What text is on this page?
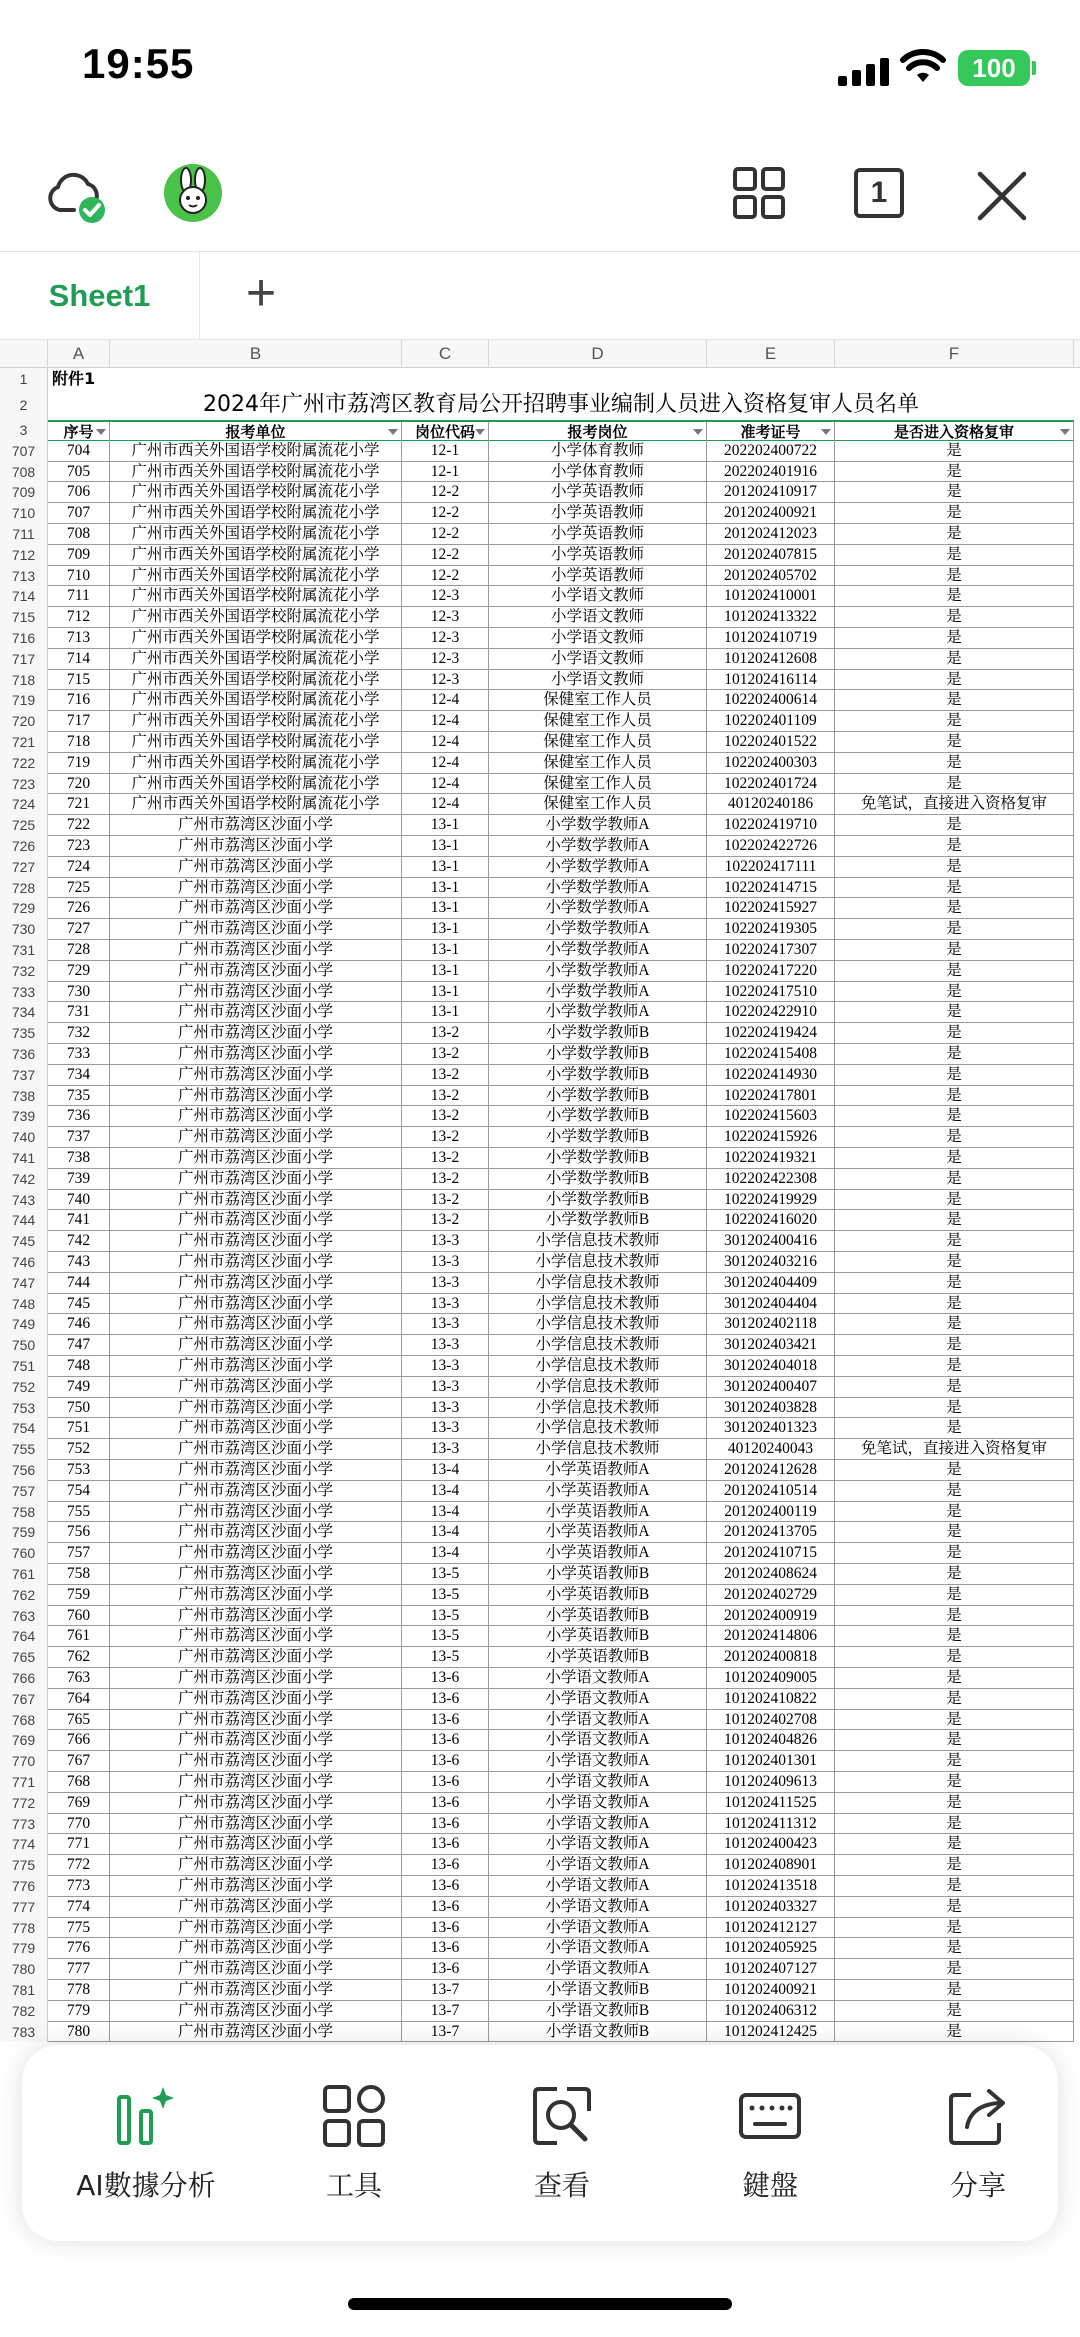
19:55	100
1
Sheet1	+
A	B	C	D	E	F
1
2
3
附件1
2024年广州市荔湾区教育局公开招聘事业编制人员进入资格复审人员名单
序号	报考单位	岗位代码	报考岗位	准考证号	是否进入资格复审
704	广州市西关外国语学校附属流花小学	12-1	小学体育教师	202202400722	是
705	广州市西关外国语学校附属流花小学	12-1	小学体育教师	202202401916	是
706	广州市西关外国语学校附属流花小学	12-2	小学英语教师	201202410917	是
707	广州市西关外国语学校附属流花小学	12-2	小学英语教师	201202400921	是
708	广州市西关外国语学校附属流花小学	12-2	小学英语教师	201202412023	是
709	广州市西关外国语学校附属流花小学	12-2	小学英语教师	201202407815	是
710	广州市西关外国语学校附属流花小学	12-2	小学英语教师	201202405702	是
711	广州市西关外国语学校附属流花小学	12-3	小学语文教师	101202410001	是
712	广州市西关外国语学校附属流花小学	12-3	小学语文教师	101202413322	是
713	广州市西关外国语学校附属流花小学	12-3	小学语文教师	101202410719	是
714	广州市西关外国语学校附属流花小学	12-3	小学语文教师	101202412608	是
715	广州市西关外国语学校附属流花小学	12-3	小学语文教师	101202416114	是
716	广州市西关外国语学校附属流花小学	12-4	保健室工作人员	102202400614	是
717	广州市西关外国语学校附属流花小学	12-4	保健室工作人员	102202401109	是
718	广州市西关外国语学校附属流花小学	12-4	保健室工作人员	102202401522	是
719	广州市西关外国语学校附属流花小学	12-4	保健室工作人员	102202400303	是
720	广州市西关外国语学校附属流花小学	12-4	保健室工作人员	102202401724	是
721	广州市西关外国语学校附属流花小学	12-4	保健室工作人员	40120240186	免笔试，直接进入资格复审
722	广州市荔湾区沙面小学	13-1	小学数学教师A	102202419710	是
723	广州市荔湾区沙面小学	13-1	小学数学教师A	102202422726	是
724	广州市荔湾区沙面小学	13-1	小学数学教师A	102202417111	是
725	广州市荔湾区沙面小学	13-1	小学数学教师A	102202414715	是
726	广州市荔湾区沙面小学	13-1	小学数学教师A	102202415927	是
727	广州市荔湾区沙面小学	13-1	小学数学教师A	102202419305	是
728	广州市荔湾区沙面小学	13-1	小学数学教师A	102202417307	是
729	广州市荔湾区沙面小学	13-1	小学数学教师A	102202417220	是
730	广州市荔湾区沙面小学	13-1	小学数学教师A	102202417510	是
731	广州市荔湾区沙面小学	13-1	小学数学教师A	102202422910	是
732	广州市荔湾区沙面小学	13-2	小学数学教师B	102202419424	是
733	广州市荔湾区沙面小学	13-2	小学数学教师B	102202415408	是
734	广州市荔湾区沙面小学	13-2	小学数学教师B	102202414930	是
735	广州市荔湾区沙面小学	13-2	小学数学教师B	102202417801	是
736	广州市荔湾区沙面小学	13-2	小学数学教师B	102202415603	是
737	广州市荔湾区沙面小学	13-2	小学数学教师B	102202415926	是
738	广州市荔湾区沙面小学	13-2	小学数学教师B	102202419321	是
739	广州市荔湾区沙面小学	13-2	小学数学教师B	102202422308	是
740	广州市荔湾区沙面小学	13-2	小学数学教师B	102202419929	是
741	广州市荔湾区沙面小学	13-2	小学数学教师B	102202416020	是
742	广州市荔湾区沙面小学	13-3	小学信息技术教师	301202400416	是
743	广州市荔湾区沙面小学	13-3	小学信息技术教师	301202403216	是
744	广州市荔湾区沙面小学	13-3	小学信息技术教师	301202404409	是
745	广州市荔湾区沙面小学	13-3	小学信息技术教师	301202404404	是
746	广州市荔湾区沙面小学	13-3	小学信息技术教师	301202402118	是
747	广州市荔湾区沙面小学	13-3	小学信息技术教师	301202403421	是
748	广州市荔湾区沙面小学	13-3	小学信息技术教师	301202404018	是
749	广州市荔湾区沙面小学	13-3	小学信息技术教师	301202400407	是
750	广州市荔湾区沙面小学	13-3	小学信息技术教师	301202403828	是
751	广州市荔湾区沙面小学	13-3	小学信息技术教师	301202401323	是
752	广州市荔湾区沙面小学	13-3	小学信息技术教师	40120240043	免笔试，直接进入资格复审
753	广州市荔湾区沙面小学	13-4	小学英语教师A	201202412628	是
754	广州市荔湾区沙面小学	13-4	小学英语教师A	201202410514	是
755	广州市荔湾区沙面小学	13-4	小学英语教师A	201202400119	是
756	广州市荔湾区沙面小学	13-4	小学英语教师A	201202413705	是
757	广州市荔湾区沙面小学	13-4	小学英语教师A	201202410715	是
758	广州市荔湾区沙面小学	13-5	小学英语教师B	201202408624	是
759	广州市荔湾区沙面小学	13-5	小学英语教师B	201202402729	是
760	广州市荔湾区沙面小学	13-5	小学英语教师B	201202400919	是
761	广州市荔湾区沙面小学	13-5	小学英语教师B	201202414806	是
762	广州市荔湾区沙面小学	13-5	小学英语教师B	201202400818	是
763	广州市荔湾区沙面小学	13-6	小学语文教师A	101202409005	是
764	广州市荔湾区沙面小学	13-6	小学语文教师A	101202410822	是
765	广州市荔湾区沙面小学	13-6	小学语文教师A	101202402708	是
766	广州市荔湾区沙面小学	13-6	小学语文教师A	101202404826	是
767	广州市荔湾区沙面小学	13-6	小学语文教师A	101202401301	是
768	广州市荔湾区沙面小学	13-6	小学语文教师A	101202409613	是
769	广州市荔湾区沙面小学	13-6	小学语文教师A	101202411525	是
770	广州市荔湾区沙面小学	13-6	小学语文教师A	101202411312	是
771	广州市荔湾区沙面小学	13-6	小学语文教师A	101202400423	是
772	广州市荔湾区沙面小学	13-6	小学语文教师A	101202408901	是
773	广州市荔湾区沙面小学	13-6	小学语文教师A	101202413518	是
774	广州市荔湾区沙面小学	13-6	小学语文教师A	101202403327	是
775	广州市荔湾区沙面小学	13-6	小学语文教师A	101202412127	是
776	广州市荔湾区沙面小学	13-6	小学语文教师A	101202405925	是
777	广州市荔湾区沙面小学	13-6	小学语文教师A	101202407127	是
778	广州市荔湾区沙面小学	13-7	小学语文教师B	101202400921	是
779	广州市荔湾区沙面小学	13-7	小学语文教师B	101202406312	是
780	广州市荔湾区沙面小学	13-7	小学语文教师B	101202412425	是
707
708
709
710
711
712
713
714
715
716
717
718
719
720
721
722
723
724
725
726
727
728
729
730
731
732
733
734
735
736
737
738
739
740
741
742
743
744
745
746
747
748
749
750
751
752
753
754
755
756
757
758
759
760
761
762
763
764
765
766
767
768
769
770
771
772
773
774
775
776
777
778
779
780
781
782
783
AI數據分析	工具	查看	鍵盤	分享
